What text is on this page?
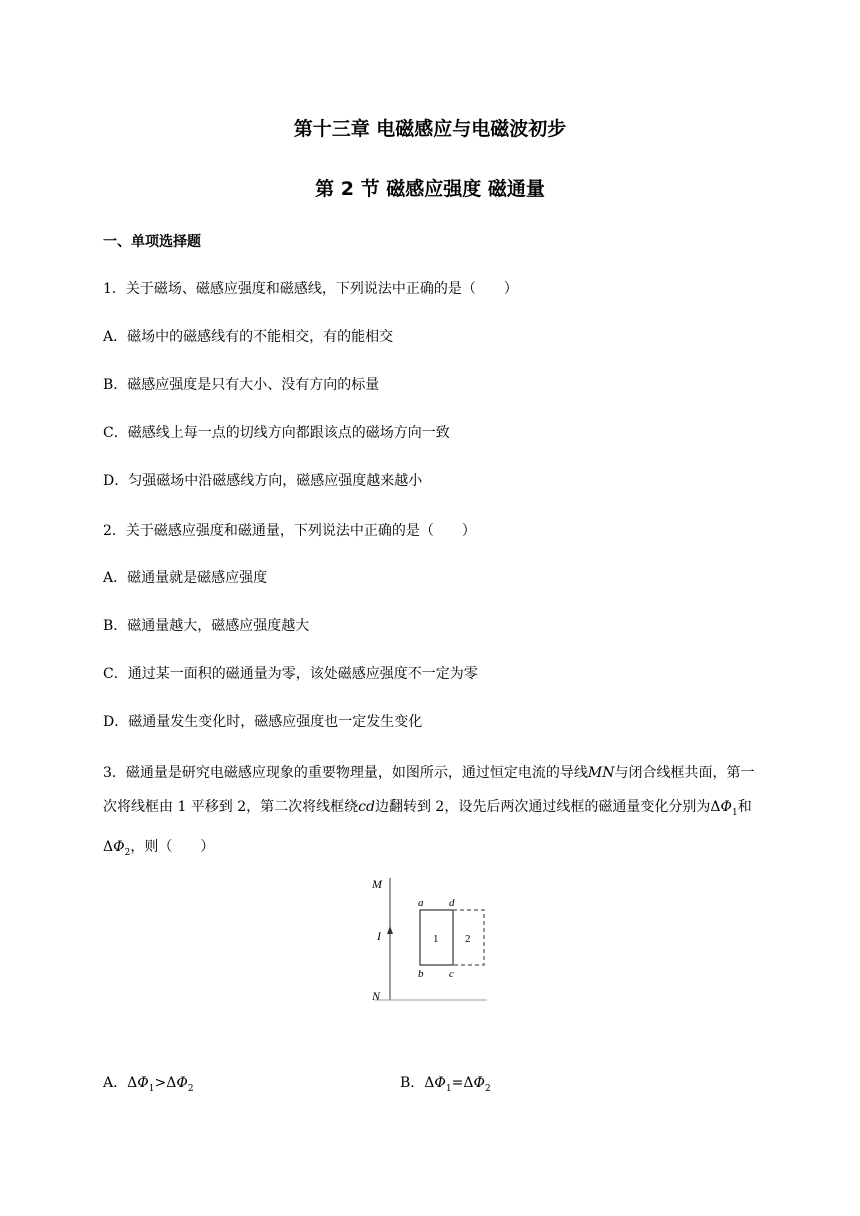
第十三章 电磁感应与电磁波初步
第 2 节 磁感应强度 磁通量
一、单项选择题
1．关于磁场、磁感应强度和磁感线，下列说法中正确的是（　　）
A．磁场中的磁感线有的不能相交，有的能相交
B．磁感应强度是只有大小、没有方向的标量
C．磁感线上每一点的切线方向都跟该点的磁场方向一致
D．匀强磁场中沿磁感线方向，磁感应强度越来越小
2．关于磁感应强度和磁通量，下列说法中正确的是（　　）
A．磁通量就是磁感应强度
B．磁通量越大，磁感应强度越大
C．通过某一面积的磁通量为零，该处磁感应强度不一定为零
D．磁通量发生变化时，磁感应强度也一定发生变化
3．磁通量是研究电磁感应现象的重要物理量，如图所示，通过恒定电流的导线MN与闭合线框共面，第一次将线框由 1 平移到 2，第二次将线框绕cd边翻转到 2，设先后两次通过线框的磁通量变化分别为$\Delta\Phi_1$和$\Delta\Phi_2$，则（　　）
M
N
I
a d
b c
1 2
A．$\Delta\Phi_1>\Delta\Phi_2$	B．$\Delta\Phi_1=\Delta\Phi_2$
